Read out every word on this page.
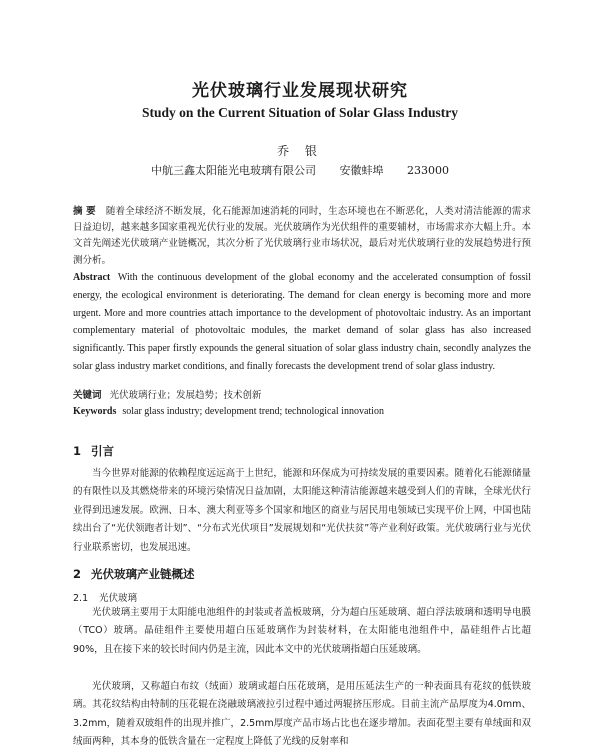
光伏玻璃行业发展现状研究
Study on the Current Situation of Solar Glass Industry
乔 银
中航三鑫太阳能光电玻璃有限公司 安徽蚌埠 233000
摘 要 随着全球经济不断发展，化石能源加速消耗的同时，生态环境也在不断恶化，人类对清洁能源的需求日益迫切，越来越多国家重视光伏行业的发展。光伏玻璃作为光伏组件的重要辅材，市场需求亦大幅上升。本文首先阐述光伏玻璃产业链概况，其次分析了光伏玻璃行业市场状况，最后对光伏玻璃行业的发展趋势进行预测分析。
Abstract With the continuous development of the global economy and the accelerated consumption of fossil energy, the ecological environment is deteriorating. The demand for clean energy is becoming more and more urgent. More and more countries attach importance to the development of photovoltaic industry. As an important complementary material of photovoltaic modules, the market demand of solar glass has also increased significantly. This paper firstly expounds the general situation of solar glass industry chain, secondly analyzes the solar glass industry market conditions, and finally forecasts the development trend of solar glass industry.
关键词 光伏玻璃行业；发展趋势；技术创新
Keywords solar glass industry; development trend; technological innovation
1 引言
当今世界对能源的依赖程度远远高于上世纪，能源和环保成为可持续发展的重要因素。随着化石能源储量的有限性以及其燃烧带来的环境污染情况日益加剧，太阳能这种清洁能源越来越受到人们的青睐，全球光伏行业得到迅速发展。欧洲、日本、澳大利亚等多个国家和地区的商业与居民用电领域已实现平价上网，中国也陆续出台了“光伏领跑者计划”、“分布式光伏项目”发展规划和“光伏扶贫”等产业利好政策。光伏玻璃行业与光伏行业联系密切，也发展迅速。
2 光伏玻璃产业链概述
2.1 光伏玻璃
光伏玻璃主要用于太阳能电池组件的封装或者盖板玻璃，分为超白压延玻璃、超白浮法玻璃和透明导电膜（TCO）玻璃。晶硅组件主要使用超白压延玻璃作为封装材料，在太阳能电池组件中，晶硅组件占比超90%，且在接下来的较长时间内仍是主流，因此本文中的光伏玻璃指超白压延玻璃。
光伏玻璃，又称超白布纹（绒面）玻璃或超白压花玻璃，是用压延法生产的一种表面具有花纹的低铁玻璃。其花纹结构由特制的压花辊在浇融玻璃液拉引过程中通过两辊挤压形成。目前主流产品厚度为4.0mm、3.2mm，随着双玻组件的出现并推广，2.5mm厚度产品市场占比也在逐步增加。表面花型主要有单绒面和双绒面两种，其本身的低铁含量在一定程度上降低了光线的反射率和
